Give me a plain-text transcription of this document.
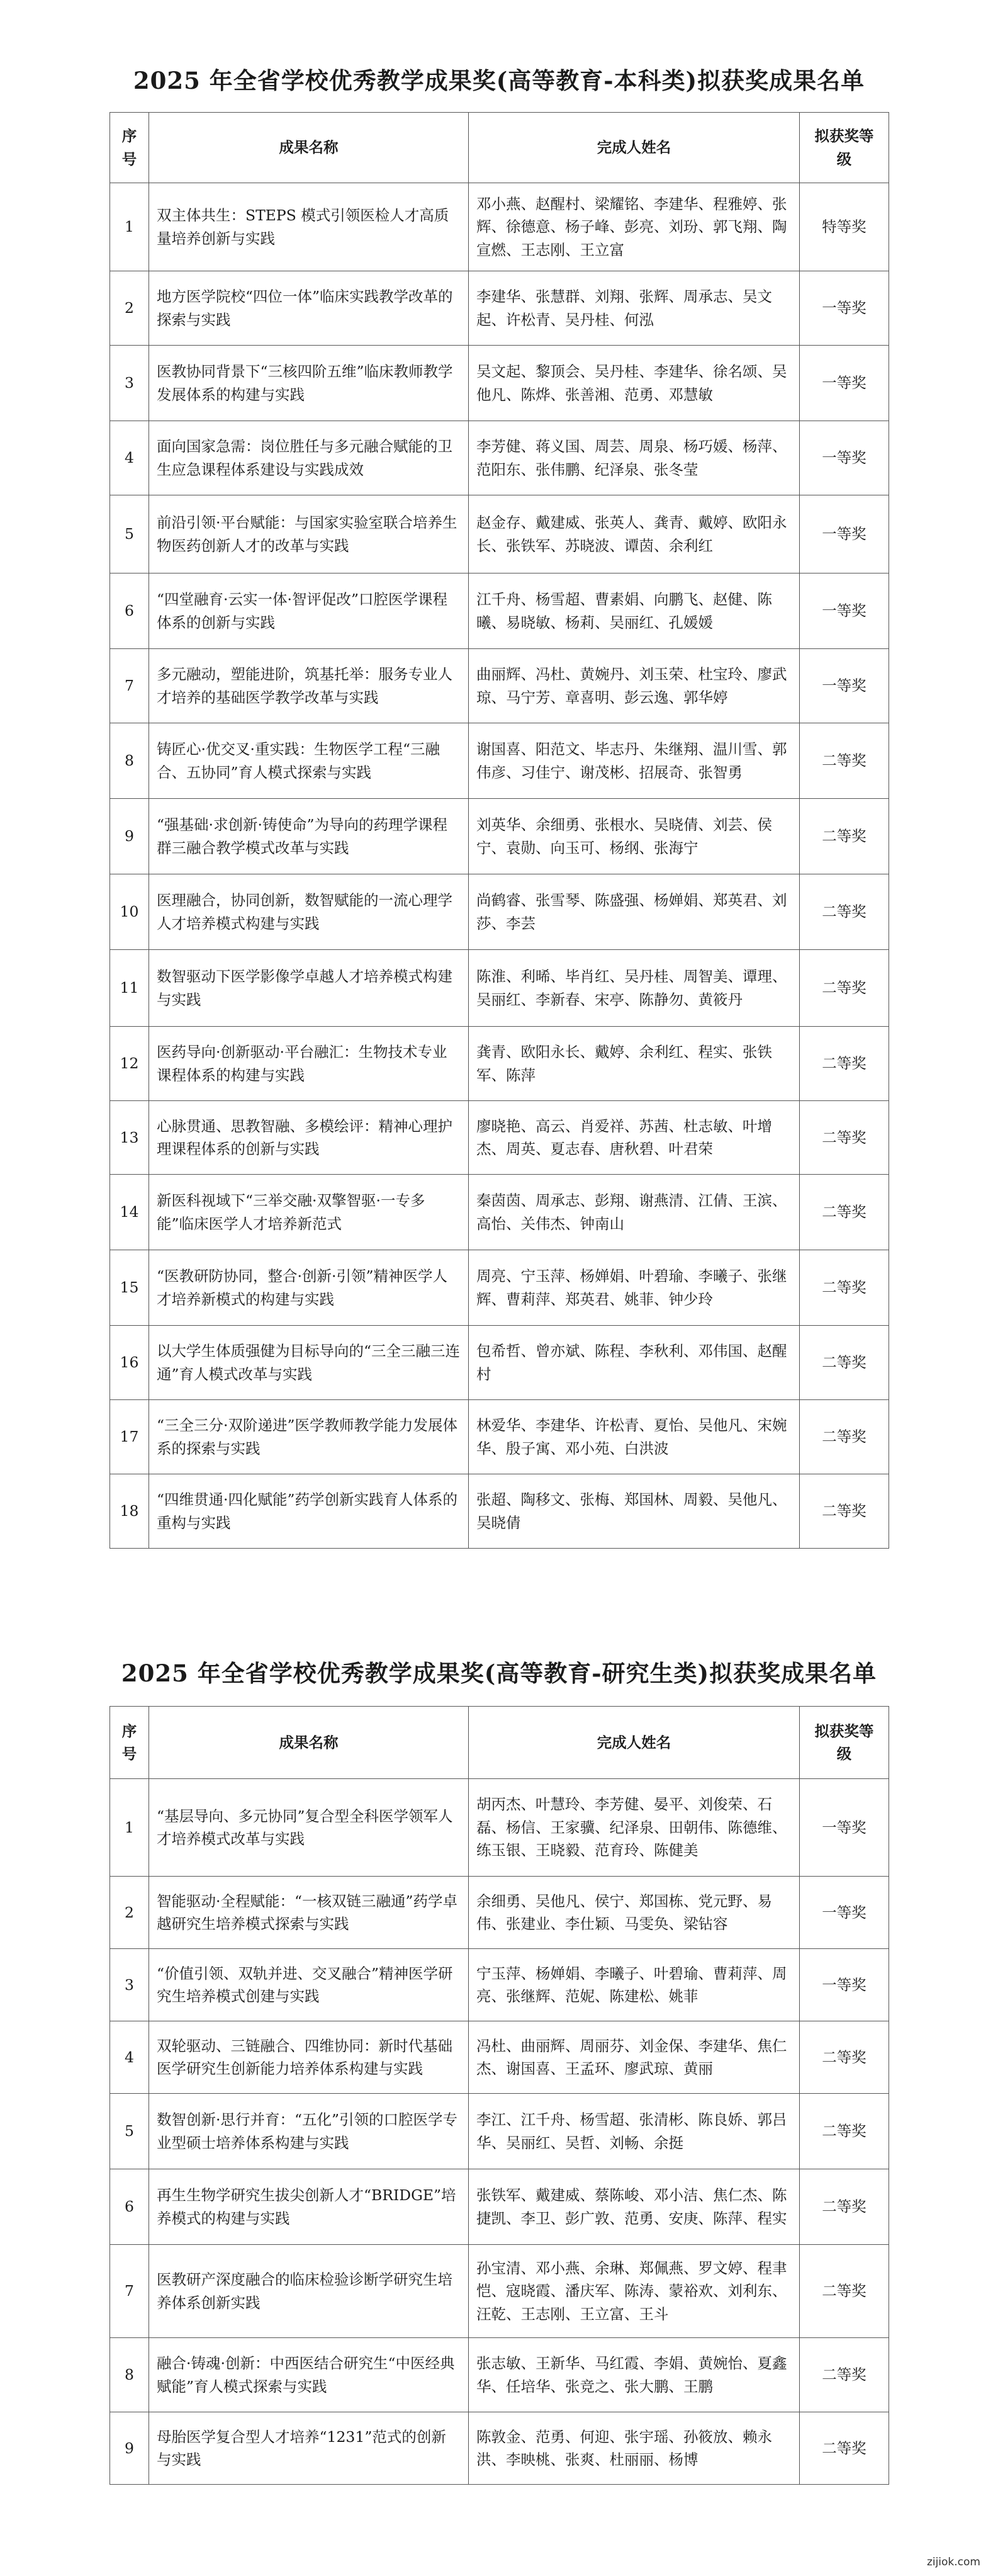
2025 年全省学校优秀教学成果奖(高等教育-本科类)拟获奖成果名单
序号	成果名称	完成人姓名	拟获奖等级
1	双主体共生：STEPS 模式引领医检人才高质量培养创新与实践	邓小燕、赵醒村、梁耀铭、李建华、程雅婷、张辉、徐德意、杨子峰、彭亮、刘玢、郭飞翔、陶宣燃、王志刚、王立富	特等奖
2	地方医学院校“四位一体”临床实践教学改革的探索与实践	李建华、张慧群、刘翔、张辉、周承志、吴文起、许松青、吴丹桂、何泓	一等奖
3	医教协同背景下“三核四阶五维”临床教师教学发展体系的构建与实践	吴文起、黎顶会、吴丹桂、李建华、徐名颂、吴他凡、陈烨、张善湘、范勇、邓慧敏	一等奖
4	面向国家急需：岗位胜任与多元融合赋能的卫生应急课程体系建设与实践成效	李芳健、蒋义国、周芸、周泉、杨巧媛、杨萍、范阳东、张伟鹏、纪泽泉、张冬莹	一等奖
5	前沿引领·平台赋能：与国家实验室联合培养生物医药创新人才的改革与实践	赵金存、戴建威、张英人、龚青、戴婷、欧阳永长、张铁军、苏晓波、谭茵、余利红	一等奖
6	“四堂融育·云实一体·智评促改”口腔医学课程体系的创新与实践	江千舟、杨雪超、曹素娟、向鹏飞、赵健、陈曦、易晓敏、杨莉、吴丽红、孔媛媛	一等奖
7	多元融动，塑能进阶，筑基托举：服务专业人才培养的基础医学教学改革与实践	曲丽辉、冯杜、黄婉丹、刘玉荣、杜宝玲、廖武琼、马宁芳、章喜明、彭云逸、郭华婷	一等奖
8	铸匠心·优交叉·重实践：生物医学工程“三融合、五协同”育人模式探索与实践	谢国喜、阳范文、毕志丹、朱继翔、温川雪、郭伟彦、习佳宁、谢茂彬、招展奇、张智勇	二等奖
9	“强基础·求创新·铸使命”为导向的药理学课程群三融合教学模式改革与实践	刘英华、余细勇、张根水、吴晓倩、刘芸、侯宁、袁勋、向玉可、杨纲、张海宁	二等奖
10	医理融合，协同创新，数智赋能的一流心理学人才培养模式构建与实践	尚鹤睿、张雪琴、陈盛强、杨婵娟、郑英君、刘莎、李芸	二等奖
11	数智驱动下医学影像学卓越人才培养模式构建与实践	陈淮、利晞、毕肖红、吴丹桂、周智美、谭理、吴丽红、李新春、宋亭、陈静勿、黄筱丹	二等奖
12	医药导向·创新驱动·平台融汇：生物技术专业课程体系的构建与实践	龚青、欧阳永长、戴婷、余利红、程实、张铁军、陈萍	二等奖
13	心脉贯通、思教智融、多模绘评：精神心理护理课程体系的创新与实践	廖晓艳、高云、肖爱祥、苏茜、杜志敏、叶增杰、周英、夏志春、唐秋碧、叶君荣	二等奖
14	新医科视域下“三举交融·双擎智驱·一专多能”临床医学人才培养新范式	秦茵茵、周承志、彭翔、谢燕清、江倩、王滨、高怡、关伟杰、钟南山	二等奖
15	“医教研防协同，整合·创新·引领”精神医学人才培养新模式的构建与实践	周亮、宁玉萍、杨婵娟、叶碧瑜、李曦子、张继辉、曹莉萍、郑英君、姚菲、钟少玲	二等奖
16	以大学生体质强健为目标导向的“三全三融三连通”育人模式改革与实践	包希哲、曾亦斌、陈程、李秋利、邓伟国、赵醒村	二等奖
17	“三全三分·双阶递进”医学教师教学能力发展体系的探索与实践	林爱华、李建华、许松青、夏怡、吴他凡、宋婉华、殷子寓、邓小苑、白洪波	二等奖
18	“四维贯通·四化赋能”药学创新实践育人体系的重构与实践	张超、陶移文、张梅、郑国林、周毅、吴他凡、吴晓倩	二等奖
2025 年全省学校优秀教学成果奖(高等教育-研究生类)拟获奖成果名单
序号	成果名称	完成人姓名	拟获奖等级
1	“基层导向、多元协同”复合型全科医学领军人才培养模式改革与实践	胡丙杰、叶慧玲、李芳健、晏平、刘俊荣、石磊、杨信、王家骥、纪泽泉、田朝伟、陈德维、练玉银、王晓毅、范育玲、陈健美	一等奖
2	智能驱动·全程赋能：“一核双链三融通”药学卓越研究生培养模式探索与实践	余细勇、吴他凡、侯宁、郑国栋、党元野、易伟、张建业、李仕颖、马雯奂、梁钻容	一等奖
3	“价值引领、双轨并进、交叉融合”精神医学研究生培养模式创建与实践	宁玉萍、杨婵娟、李曦子、叶碧瑜、曹莉萍、周亮、张继辉、范妮、陈建松、姚菲	一等奖
4	双轮驱动、三链融合、四维协同：新时代基础医学研究生创新能力培养体系构建与实践	冯杜、曲丽辉、周丽芬、刘金保、李建华、焦仁杰、谢国喜、王孟环、廖武琼、黄丽	二等奖
5	数智创新·思行并育：“五化”引领的口腔医学专业型硕士培养体系构建与实践	李江、江千舟、杨雪超、张清彬、陈良娇、郭吕华、吴丽红、吴哲、刘畅、余挺	二等奖
6	再生生物学研究生拔尖创新人才“BRIDGE”培养模式的构建与实践	张铁军、戴建威、蔡陈峻、邓小洁、焦仁杰、陈捷凯、李卫、彭广敦、范勇、安庚、陈萍、程实	二等奖
7	医教研产深度融合的临床检验诊断学研究生培养体系创新实践	孙宝清、邓小燕、余琳、郑佩燕、罗文婷、程聿恺、寇晓霞、潘庆军、陈涛、蒙裕欢、刘利东、汪乾、王志刚、王立富、王斗	二等奖
8	融合·铸魂·创新：中西医结合研究生“中医经典赋能”育人模式探索与实践	张志敏、王新华、马红霞、李娟、黄婉怡、夏鑫华、任培华、张竞之、张大鹏、王鹏	二等奖
9	母胎医学复合型人才培养“1231”范式的创新与实践	陈敦金、范勇、何迎、张宇瑶、孙筱放、赖永洪、李映桃、张爽、杜丽丽、杨博	二等奖
zijiok.com
